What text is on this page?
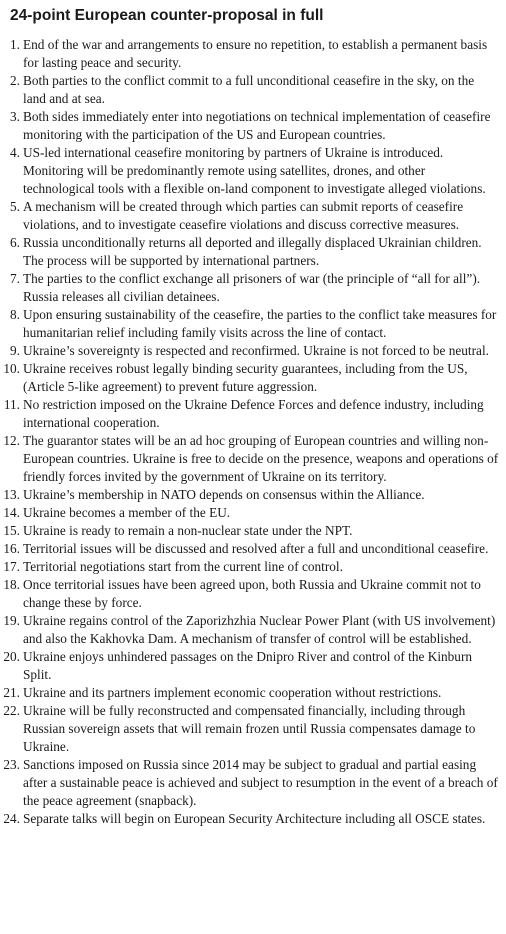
24-point European counter-proposal in full
1. End of the war and arrangements to ensure no repetition, to establish a permanent basis for lasting peace and security.
2. Both parties to the conflict commit to a full unconditional ceasefire in the sky, on the land and at sea.
3. Both sides immediately enter into negotiations on technical implementation of ceasefire monitoring with the participation of the US and European countries.
4. US-led international ceasefire monitoring by partners of Ukraine is introduced. Monitoring will be predominantly remote using satellites, drones, and other technological tools with a flexible on-land component to investigate alleged violations.
5. A mechanism will be created through which parties can submit reports of ceasefire violations, and to investigate ceasefire violations and discuss corrective measures.
6. Russia unconditionally returns all deported and illegally displaced Ukrainian children. The process will be supported by international partners.
7. The parties to the conflict exchange all prisoners of war (the principle of “all for all”). Russia releases all civilian detainees.
8. Upon ensuring sustainability of the ceasefire, the parties to the conflict take measures for humanitarian relief including family visits across the line of contact.
9. Ukraine’s sovereignty is respected and reconfirmed. Ukraine is not forced to be neutral.
10. Ukraine receives robust legally binding security guarantees, including from the US, (Article 5-like agreement) to prevent future aggression.
11. No restriction imposed on the Ukraine Defence Forces and defence industry, including international cooperation.
12. The guarantor states will be an ad hoc grouping of European countries and willing non-European countries. Ukraine is free to decide on the presence, weapons and operations of friendly forces invited by the government of Ukraine on its territory.
13. Ukraine’s membership in NATO depends on consensus within the Alliance.
14. Ukraine becomes a member of the EU.
15. Ukraine is ready to remain a non-nuclear state under the NPT.
16. Territorial issues will be discussed and resolved after a full and unconditional ceasefire.
17. Territorial negotiations start from the current line of control.
18. Once territorial issues have been agreed upon, both Russia and Ukraine commit not to change these by force.
19. Ukraine regains control of the Zaporizhzhia Nuclear Power Plant (with US involvement) and also the Kakhovka Dam. A mechanism of transfer of control will be established.
20. Ukraine enjoys unhindered passages on the Dnipro River and control of the Kinburn Split.
21. Ukraine and its partners implement economic cooperation without restrictions.
22. Ukraine will be fully reconstructed and compensated financially, including through Russian sovereign assets that will remain frozen until Russia compensates damage to Ukraine.
23. Sanctions imposed on Russia since 2014 may be subject to gradual and partial easing after a sustainable peace is achieved and subject to resumption in the event of a breach of the peace agreement (snapback).
24. Separate talks will begin on European Security Architecture including all OSCE states.
